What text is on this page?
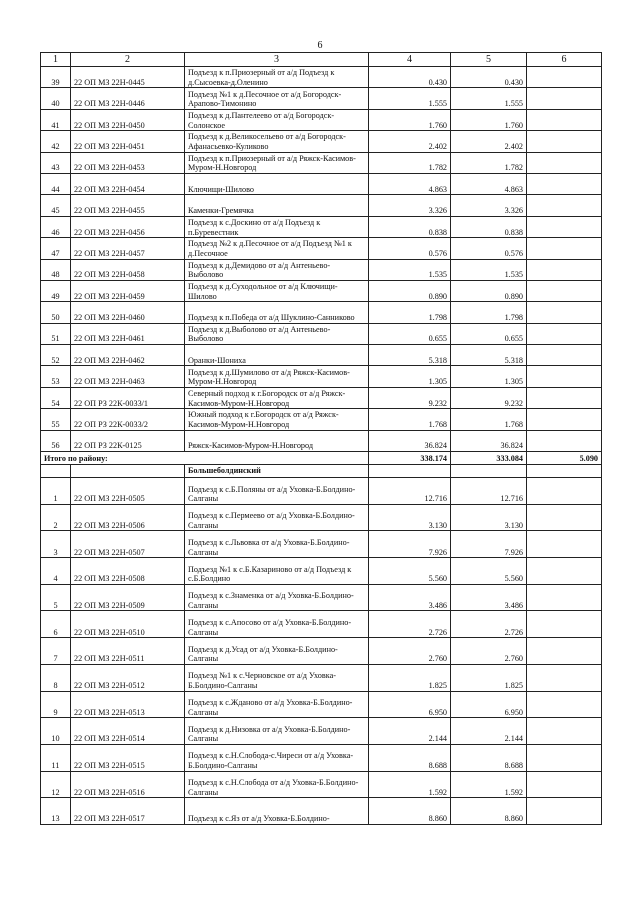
6
1	2	3	4	5	6
39	22 ОП МЗ 22Н-0445	Подъезд к п.Приозерный от а/д Подъезд к д.Сысоевка-д.Оленино	0.430	0.430	
40	22 ОП МЗ 22Н-0446	Подъезд №1 к д.Песочное от а/д Богородск-Арапово-Тимонино	1.555	1.555	
41	22 ОП МЗ 22Н-0450	Подъезд к д.Пантелеево от а/д Богородск-Солонское	1.760	1.760	
42	22 ОП МЗ 22Н-0451	Подъезд к д.Великосельево от а/д Богородск-Афанасьевко-Куликово	2.402	2.402	
43	22 ОП МЗ 22Н-0453	Подъезд к п.Приозерный от а/д Ряжск-Касимов-Муром-Н.Новгород	1.782	1.782	
44	22 ОП МЗ 22Н-0454	Ключищи-Шилово	4.863	4.863	
45	22 ОП МЗ 22Н-0455	Каменки-Гремячка	3.326	3.326	
46	22 ОП МЗ 22Н-0456	Подъезд к с.Доскино от а/д Подъезд к п.Буревестник	0.838	0.838	
47	22 ОП МЗ 22Н-0457	Подъезд №2 к д.Песочное от а/д Подъезд №1 к д.Песочное	0.576	0.576	
48	22 ОП МЗ 22Н-0458	Подъезд к д.Демидово от а/д Антеньево-Выболово	1.535	1.535	
49	22 ОП МЗ 22Н-0459	Подъезд к д.Суходольное от а/д Ключищи-Шилово	0.890	0.890	
50	22 ОП МЗ 22Н-0460	Подъезд к п.Победа от а/д Шуклино-Санниково	1.798	1.798	
51	22 ОП МЗ 22Н-0461	Подъезд к д.Выболово от а/д Антеньево-Выболово	0.655	0.655	
52	22 ОП МЗ 22Н-0462	Оранки-Шониха	5.318	5.318	
53	22 ОП МЗ 22Н-0463	Подъезд к д.Шумилово от а/д Ряжск-Касимов-Муром-Н.Новгород	1.305	1.305	
54	22 ОП РЗ 22К-0033/1	Северный подход к г.Богородск от а/д Ряжск-Касимов-Муром-Н.Новгород	9.232	9.232	
55	22 ОП РЗ 22К-0033/2	Южный подход к г.Богородск от а/д Ряжск-Касимов-Муром-Н.Новгород	1.768	1.768	
56	22 ОП РЗ 22К-0125	Ряжск-Касимов-Муром-Н.Новгород	36.824	36.824	
Итого по району:			338.174	333.084	5.090
		Большеболдинский			
1	22 ОП МЗ 22Н-0505	Подъезд к с.Б.Поляны от а/д Уховка-Б.Болдино-Салганы	12.716	12.716	
2	22 ОП МЗ 22Н-0506	Подъезд к с.Пермеево от а/д Уховка-Б.Болдино-Салганы	3.130	3.130	
3	22 ОП МЗ 22Н-0507	Подъезд к с.Львовка от а/д Уховка-Б.Болдино-Салганы	7.926	7.926	
4	22 ОП МЗ 22Н-0508	Подъезд №1 к с.Б.Казариново от а/д Подъезд к с.Б.Болдино	5.560	5.560	
5	22 ОП МЗ 22Н-0509	Подъезд к с.Знаменка от а/д Уховка-Б.Болдино-Салганы	3.486	3.486	
6	22 ОП МЗ 22Н-0510	Подъезд к с.Апосово от а/д Уховка-Б.Болдино-Салганы	2.726	2.726	
7	22 ОП МЗ 22Н-0511	Подъезд к д.Усад от а/д Уховка-Б.Болдино-Салганы	2.760	2.760	
8	22 ОП МЗ 22Н-0512	Подъезд №1 к с.Черновское от а/д Уховка-Б.Болдино-Салганы	1.825	1.825	
9	22 ОП МЗ 22Н-0513	Подъезд к с.Жданово от а/д Уховка-Б.Болдино-Салганы	6.950	6.950	
10	22 ОП МЗ 22Н-0514	Подъезд к д.Низовка от а/д Уховка-Б.Болдино-Салганы	2.144	2.144	
11	22 ОП МЗ 22Н-0515	Подъезд к с.Н.Слобода-с.Чиреси от а/д Уховка-Б.Болдино-Салганы	8.688	8.688	
12	22 ОП МЗ 22Н-0516	Подъезд к с.Н.Слобода от а/д Уховка-Б.Болдино-Салганы	1.592	1.592	
13	22 ОП МЗ 22Н-0517	Подъезд к с.Яз от а/д Уховка-Б.Болдино-	8.860	8.860	
